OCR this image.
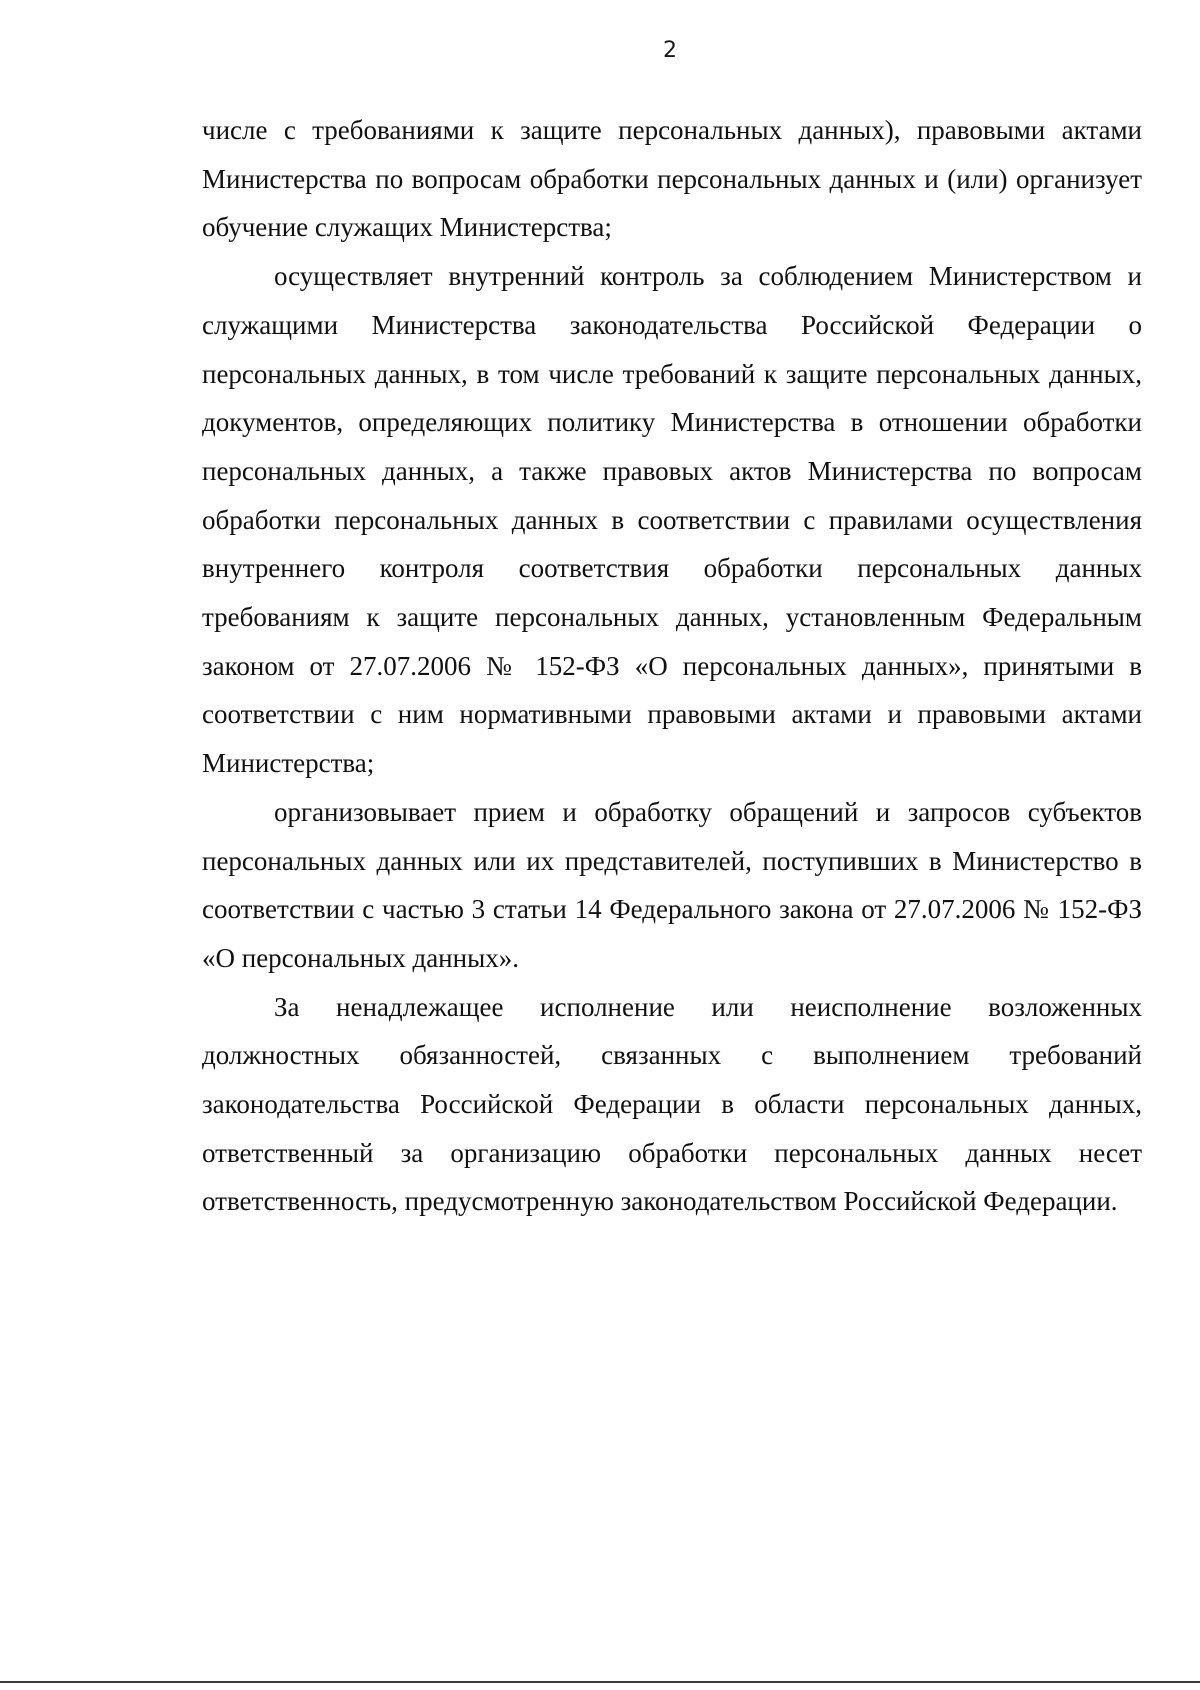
2

числе с требованиями к защите персональных данных), правовыми актами Министерства по вопросам обработки персональных данных и (или) организует обучение служащих Министерства;

осуществляет внутренний контроль за соблюдением Министерством и служащими Министерства законодательства Российской Федерации о персональных данных, в том числе требований к защите персональных данных, документов, определяющих политику Министерства в отношении обработки персональных данных, а также правовых актов Министерства по вопросам обработки персональных данных в соответствии с правилами осуществления внутреннего контроля соответствия обработки персональных данных требованиям к защите персональных данных, установленным Федеральным законом от 27.07.2006 № 152-ФЗ «О персональных данных», принятыми в соответствии с ним нормативными правовыми актами и правовыми актами Министерства;

организовывает прием и обработку обращений и запросов субъектов персональных данных или их представителей, поступивших в Министерство в соответствии с частью 3 статьи 14 Федерального закона от 27.07.2006 № 152-ФЗ «О персональных данных».

За ненадлежащее исполнение или неисполнение возложенных должностных обязанностей, связанных с выполнением требований законодательства Российской Федерации в области персональных данных, ответственный за организацию обработки персональных данных несет ответственность, предусмотренную законодательством Российской Федерации.
